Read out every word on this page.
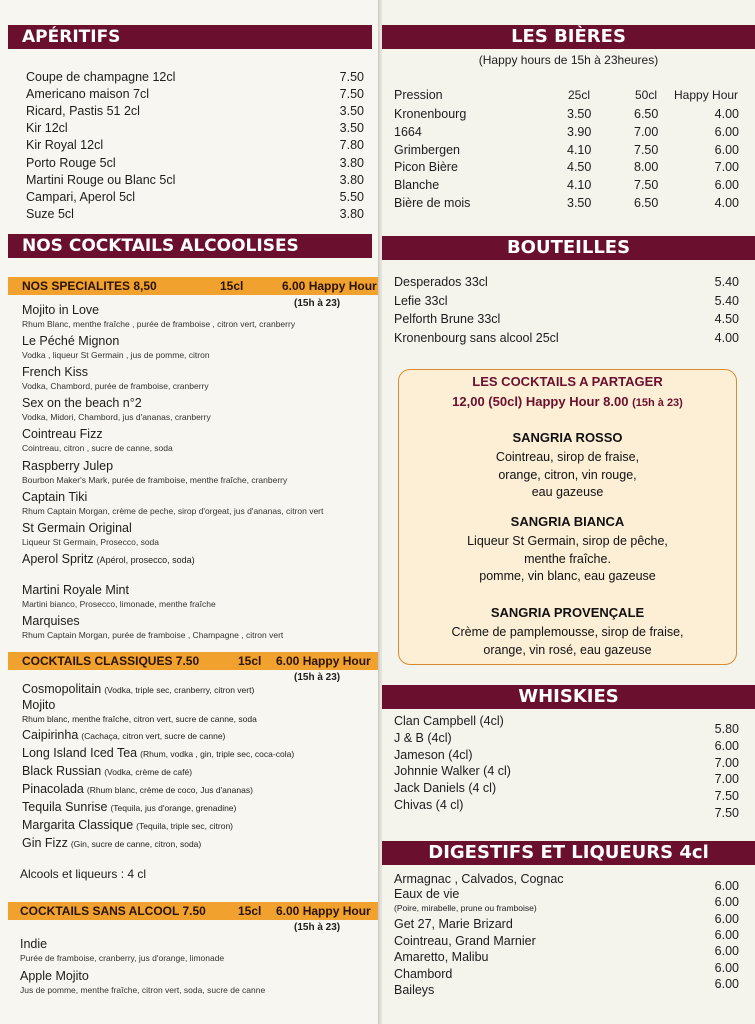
APÉRITIFS
Coupe de champagne 12cl	7.50
Americano maison 7cl	7.50
Ricard, Pastis 51 2cl	3.50
Kir 12cl	3.50
Kir Royal 12cl	7.80
Porto Rouge 5cl	3.80
Martini Rouge ou Blanc 5cl	3.80
Campari, Aperol 5cl	5.50
Suze 5cl	3.80
NOS COCKTAILS ALCOOLISES
NOS SPECIALITES 8,50	15cl	6.00 Happy Hour
(15h à 23)
Mojito in Love
Rhum Blanc, menthe fraîche , purée de framboise , citron vert, cranberry
Le Péché Mignon
Vodka , liqueur St Germain , jus de pomme, citron
French Kiss
Vodka, Chambord, purée de framboise, cranberry
Sex on the beach n°2
Vodka, Midori, Chambord, jus d'ananas, cranberry
Cointreau Fizz
Cointreau, citron , sucre de canne, soda
Raspberry Julep
Bourbon Maker's Mark, purée de framboise, menthe fraîche, cranberry
Captain Tiki
Rhum Captain Morgan, crème de peche, sirop d'orgeat, jus d'ananas, citron vert
St Germain Original
Liqueur St Germain, Prosecco, soda
Aperol Spritz (Apérol, prosecco, soda)
Martini Royale Mint
Martini bianco, Prosecco, limonade, menthe fraîche
Marquises
Rhum Captain Morgan, purée de framboise , Champagne , citron vert
COCKTAILS CLASSIQUES 7.50	15cl 6.00 Happy Hour
(15h à 23)
Cosmopolitain (Vodka, triple sec, cranberry, citron vert)
Mojito
Rhum blanc, menthe fraîche, citron vert, sucre de canne, soda
Caipirinha (Cachaça, citron vert, sucre de canne)
Long Island Iced Tea (Rhum, vodka , gin, triple sec, coca-cola)
Black Russian (Vodka, crème de café)
Pinacolada (Rhum blanc, crème de coco, Jus d'ananas)
Tequila Sunrise (Tequila, jus d'orange, grenadine)
Margarita Classique (Tequila, triple sec, citron)
Gin Fizz (Gin, sucre de canne, citron, soda)
Alcools et liqueurs : 4 cl
COCKTAILS SANS ALCOOL 7.50	15cl 6.00 Happy Hour
(15h à 23)
Indie
Purée de framboise, cranberry, jus d'orange, limonade
Apple Mojito
Jus de pomme, menthe fraîche, citron vert, soda, sucre de canne
LES BIÈRES
(Happy hours de 15h à 23heures)
Pression	25cl	50cl Happy Hour
Kronenbourg	3.50	6.50	4.00
1664	3.90	7.00	6.00
Grimbergen	4.10	7.50	6.00
Picon Bière	4.50	8.00	7.00
Blanche	4.10	7.50	6.00
Bière de mois	3.50	6.50	4.00
BOUTEILLES
Desperados 33cl	5.40
Lefie 33cl	5.40
Pelforth Brune 33cl	4.50
Kronenbourg sans alcool 25cl	4.00
LES COCKTAILS A PARTAGER
12,00 (50cl) Happy Hour 8.00 (15h à 23)
SANGRIA ROSSO
Cointreau, sirop de fraise,
orange, citron, vin rouge,
eau gazeuse
SANGRIA BIANCA
Liqueur St Germain, sirop de pêche,
menthe fraîche.
pomme, vin blanc, eau gazeuse
SANGRIA PROVENÇALE
Crème de pamplemousse, sirop de fraise,
orange, vin rosé, eau gazeuse
WHISKIES
Clan Campbell (4cl)
5.80
J & B (4cl)
6.00
Jameson (4cl)
7.00
Johnnie Walker (4 cl)
7.00
Jack Daniels (4 cl)
7.50
Chivas (4 cl)
7.50
DIGESTIFS ET LIQUEURS 4cl
Armagnac , Calvados, Cognac	6.00
Eaux de vie
(Poire, mirabelle, prune ou framboise)	6.00
Get 27, Marie Brizard	6.00
Cointreau, Grand Marnier	6.00
Amaretto, Malibu	6.00
Chambord	6.00
Baileys	6.00
